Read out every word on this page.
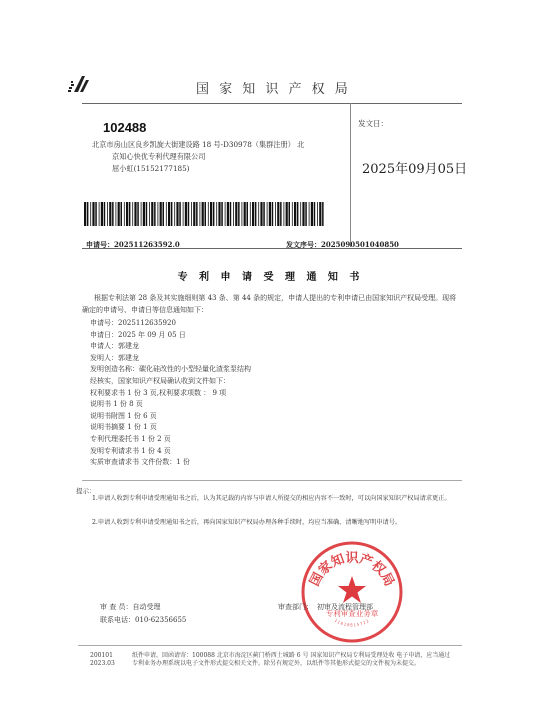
国 家 知 识 产 权 局
102488
北京市房山区良乡凯旋大街建设路 18 号-D30978（集群注册） 北
京知心快优专利代理有限公司
屈小虹(15152177185)
发文日：
2025年09月05日
申请号：202511263592.0	发文序号：2025090501040850
专 利 申 请 受 理 通 知 书
根据专利法第 28 条及其实施细则第 43 条、第 44 条的规定，申请人提出的专利申请已由国家知识产权局受理。现将确定的申请号、申请日等信息通知如下：
申请号：2025112635920
申请日：2025 年 09 月 05 日
申请人：郭建龙
发明人：郭建龙
发明创造名称：碳化硅改性的小型轻量化渣浆泵结构
经核实，国家知识产权局确认收到文件如下：
权利要求书 1 份 3 页,权利要求项数 ： 9 项
说明书 1 份 8 页
说明书附图 1 份 6 页
说明书摘要 1 份 1 页
专利代理委托书 1 份 2 页
发明专利请求书 1 份 4 页
实质审查请求书 文件份数：1 份
提示：
1.申请人收到专利申请受理通知书之后，认为其记载的内容与申请人所提交的相应内容不一致时，可以向国家知识产权局请求更正。
2.申请人收到专利申请受理通知书之后，再向国家知识产权局办理各种手续时，均应当准确、清晰地写明申请号。
国家知识产权局
专利审查业务章
11010615722
审 查 员：自动受理
联系电话：010-62356655
审查部门： 初审及流程管理部
200101
2023.03
纸件申请，回函请寄：100088 北京市海淀区蓟门桥西土城路 6 号 国家知识产权局专利局受理处收 电子申请，应当通过专利业务办理系统以电子文件形式提交相关文件。除另有规定外，以纸件等其他形式提交的文件视为未提交。
